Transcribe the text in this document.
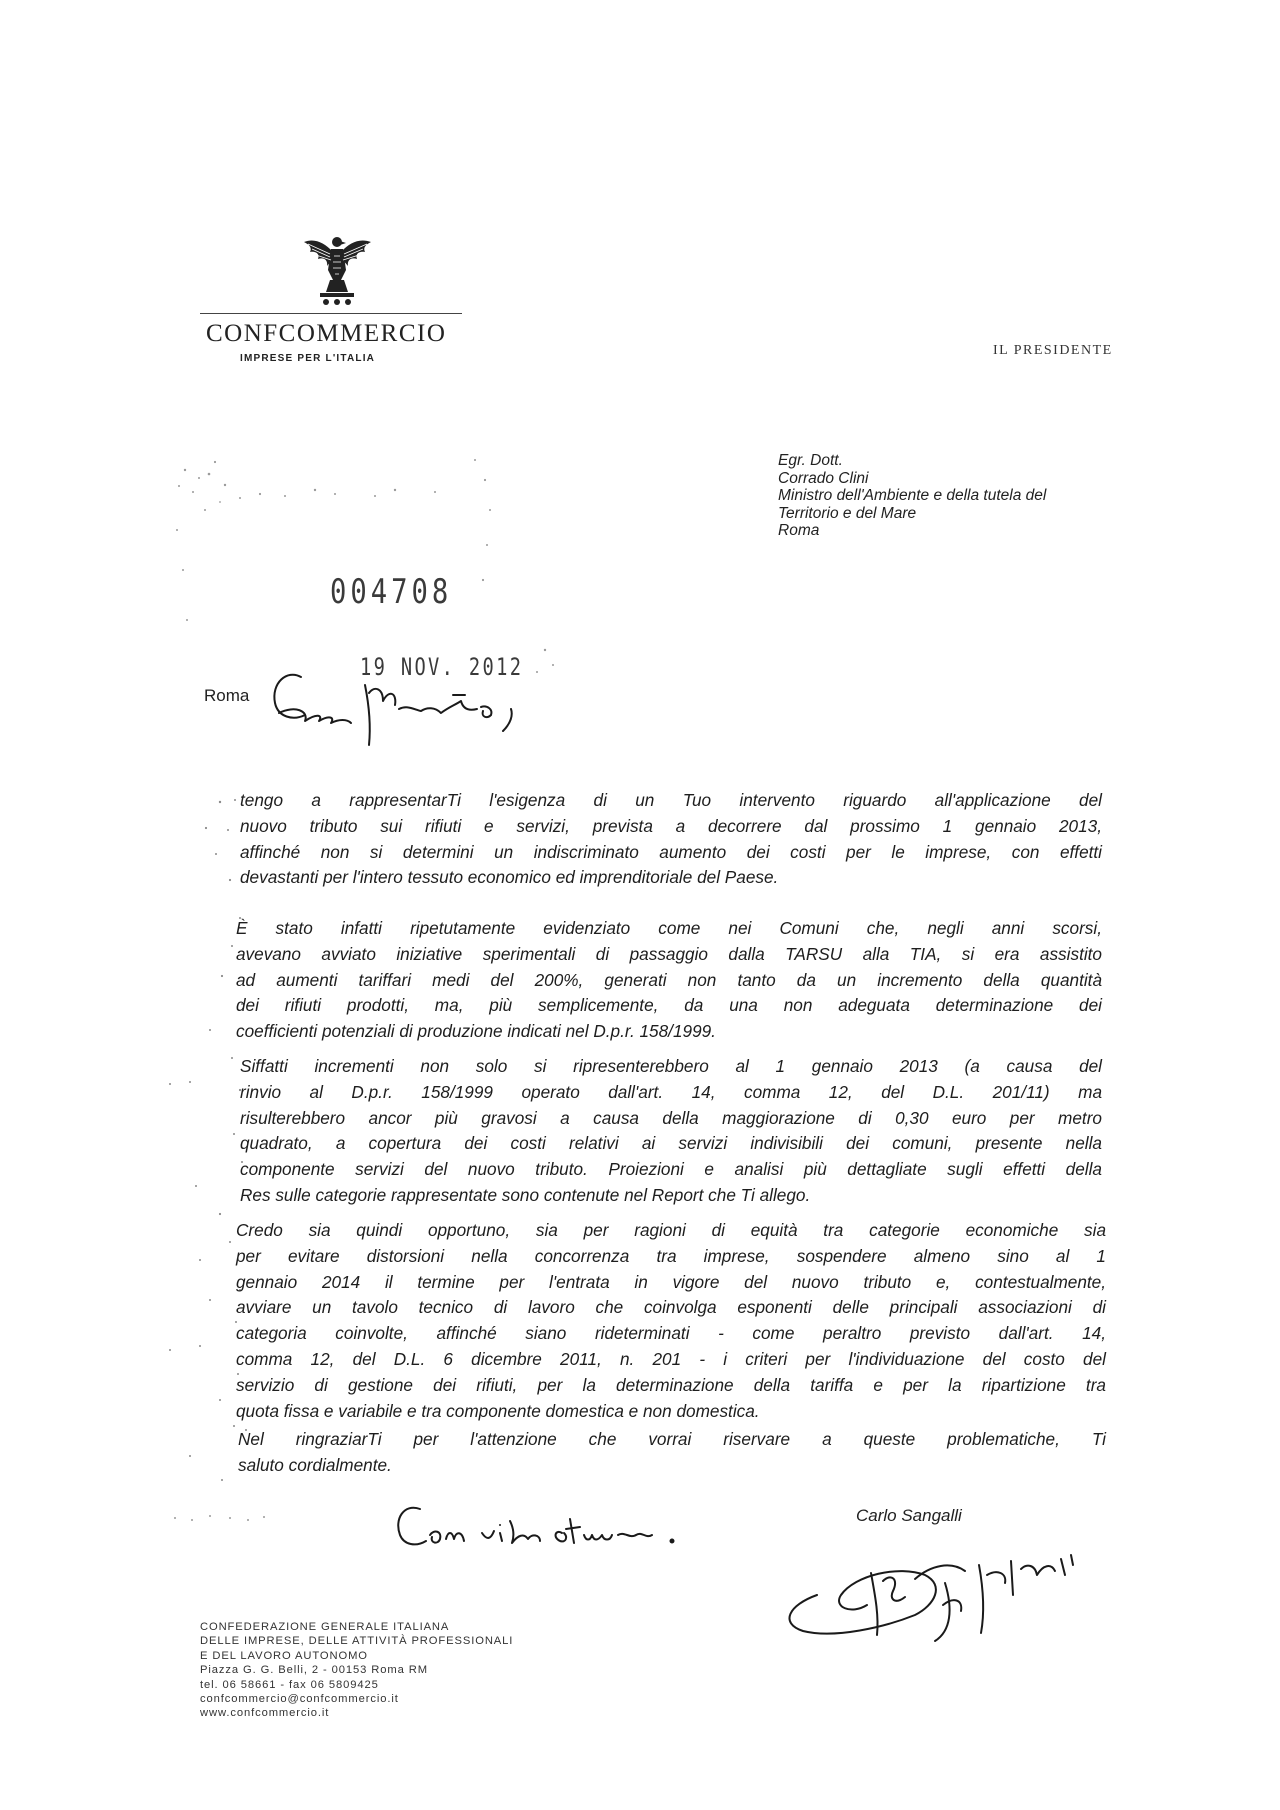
CONFCOMMERCIO
IMPRESE PER L'ITALIA
IL PRESIDENTE
Egr. Dott.
Corrado Clini
Ministro dell'Ambiente e della tutela del
Territorio e del Mare
Roma
004708
19 NOV. 2012
Roma
tengo a rappresentarTi l'esigenza di un Tuo intervento riguardo all'applicazione del
nuovo tributo sui rifiuti e servizi, prevista a decorrere dal prossimo 1 gennaio 2013,
affinché non si determini un indiscriminato aumento dei costi per le imprese, con effetti
devastanti per l'intero tessuto economico ed imprenditoriale del Paese.
È stato infatti ripetutamente evidenziato come nei Comuni che, negli anni scorsi,
avevano avviato iniziative sperimentali di passaggio dalla TARSU alla TIA, si era assistito
ad aumenti tariffari medi del 200%, generati non tanto da un incremento della quantità
dei rifiuti prodotti, ma, più semplicemente, da una non adeguata determinazione dei
coefficienti potenziali di produzione indicati nel D.p.r. 158/1999.
Siffatti incrementi non solo si ripresenterebbero al 1 gennaio 2013 (a causa del
rinvio al D.p.r. 158/1999 operato dall'art. 14, comma 12, del D.L. 201/11) ma
risulterebbero ancor più gravosi a causa della maggiorazione di 0,30 euro per metro
quadrato, a copertura dei costi relativi ai servizi indivisibili dei comuni, presente nella
componente servizi del nuovo tributo. Proiezioni e analisi più dettagliate sugli effetti della
Res sulle categorie rappresentate sono contenute nel Report che Ti allego.
Credo sia quindi opportuno, sia per ragioni di equità tra categorie economiche sia
per evitare distorsioni nella concorrenza tra imprese, sospendere almeno sino al 1
gennaio 2014 il termine per l'entrata in vigore del nuovo tributo e, contestualmente,
avviare un tavolo tecnico di lavoro che coinvolga esponenti delle principali associazioni di
categoria coinvolte, affinché siano rideterminati - come peraltro previsto dall'art. 14,
comma 12, del D.L. 6 dicembre 2011, n. 201 - i criteri per l'individuazione del costo del
servizio di gestione dei rifiuti, per la determinazione della tariffa e per la ripartizione tra
quota fissa e variabile e tra componente domestica e non domestica.
Nel ringraziarTi per l'attenzione che vorrai riservare a queste problematiche, Ti
saluto cordialmente.
Carlo Sangalli
CONFEDERAZIONE GENERALE ITALIANA
DELLE IMPRESE, DELLE ATTIVITÀ PROFESSIONALI
E DEL LAVORO AUTONOMO
Piazza G. G. Belli, 2 - 00153 Roma RM
tel. 06 58661 - fax 06 5809425
confcommercio@confcommercio.it
www.confcommercio.it
